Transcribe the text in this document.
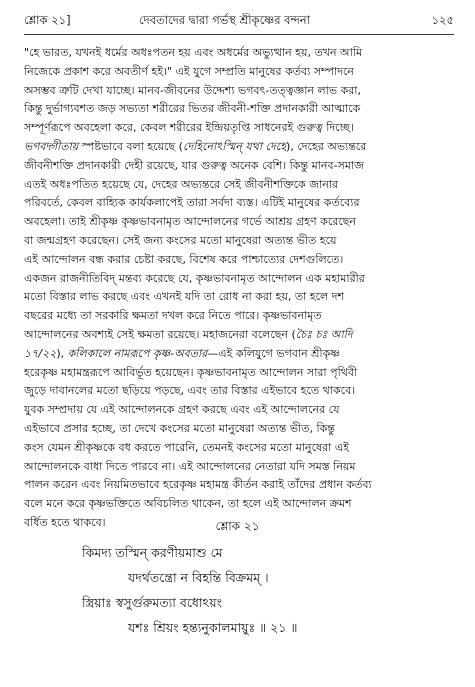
শ্লোক ২১]	দেবতাদের দ্বারা গর্ভস্থ শ্রীকৃষ্ণের বন্দনা	১২৫
"হে ভারত, যখনই ধর্মের অধঃপতন হয় এবং অধর্মের অভ্যুত্থান হয়, তখন আমি
নিজেকে প্রকাশ করে অবতীর্ণ হই।" এই যুগে সম্প্রতি মানুষের কর্তব্য সম্পাদনে
অসম্ভব ত্রুটি দেখা যাচ্ছে। মানব-জীবনের উদ্দেশ্য ভগবৎ-তত্ত্বজ্ঞান লাভ করা,
কিন্তু দুর্ভাগ্যবশত জড় সভ্যতা শরীরের ভিতর জীবনী-শক্তি প্রদানকারী আত্মাকে
সম্পূর্ণরূপে অবহেলা করে, কেবল শরীরের ইন্দ্রিয়তৃপ্তি সাধনেরই গুরুত্ব দিচ্ছে।
ভগবদ্গীতায় স্পষ্টভাবে বলা হয়েছে (দেহিনোঽস্মিন্ যথা দেহে), দেহের অভ্যন্তরে
জীবনীশক্তি প্রদানকারী দেহী রয়েছে, যার গুরুত্ব অনেক বেশি। কিন্তু মানব-সমাজ
এতই অধঃপতিত হয়েছে যে, দেহের অভ্যন্তরে সেই জীবনীশক্তিকে জানার
পরিবর্তে, কেবল বাহ্যিক কার্যকলাপেই তারা সর্বদা ব্যস্ত। এটিই মানুষের কর্তব্যের
অবহেলা। তাই শ্রীকৃষ্ণ কৃষ্ণভাবনামৃত আন্দোলনের গর্ভে আশ্রয় গ্রহণ করেছেন
বা জন্মগ্রহণ করেছেন। সেই জন্য কংসের মতো মানুষেরা অত্যন্ত ভীত হয়ে
এই আন্দোলন বন্ধ করার চেষ্টা করছে, বিশেষ করে পাশ্চাত্যের দেশগুলিতে।
একজন রাজনীতিবিদ্ মন্তব্য করেছে যে, কৃষ্ণভাবনামৃত আন্দোলন এক মহামারীর
মতো বিস্তার লাভ করছে এবং এখনই যদি তা রোধ না করা হয়, তা হলে দশ
বছরের মধ্যে তা সরকারি ক্ষমতা দখল করে নিতে পারে। কৃষ্ণভাবনামৃত
আন্দোলনের অবশ্যই সেই ক্ষমতা রয়েছে। মহাজনেরা বলেছেন (চৈঃ চঃ আদি
১৭/২২), কলিকালে নামরূপে কৃষ্ণ-অবতার—এই কলিযুগে ভগবান শ্রীকৃষ্ণ
হরেকৃষ্ণ মহামন্ত্ররূপে আবির্ভূত হয়েছেন। কৃষ্ণভাবনামৃত আন্দোলন সারা পৃথিবী
জুড়ে দাবানলের মতো ছড়িয়ে পড়ছে, এবং তার বিস্তার এইভাবে হতে থাকবে।
যুবক সম্প্রদায় যে এই আন্দোলনকে গ্রহণ করছে এবং এই আন্দোলনের যে
এইভাবে প্রসার হচ্ছে, তা দেখে কংসের মতো মানুষেরা অত্যন্ত ভীত, কিন্তু
কংস যেমন শ্রীকৃষ্ণকে বধ করতে পারেনি, তেমনই কংসের মতো মানুষেরা এই
আন্দোলনকে বাধা দিতে পারবে না। এই আন্দোলনের নেতারা যদি সমস্ত নিয়ম
পালন করেন এবং নিয়মিতভাবে হরেকৃষ্ণ মহামন্ত্র কীর্তন করাই তাঁদের প্রধান কর্তব্য
বলে মনে করে কৃষ্ণভক্তিতে অবিচলিত থাকেন, তা হলে এই আন্দোলন ক্রমশ
বর্ধিত হতে থাকবে।	শ্লোক ২১
কিমদ্য তস্মিন্ করণীয়মাশু মে
যদর্থতন্ত্রো ন বিহন্তি বিক্রমম্ ।
স্ত্রিয়াঃ স্বসুর্গুরুমত্যা বধোঽয়ং
যশঃ শ্রিয়ং হন্ত্যনুকালমায়ুঃ ॥ ২১ ॥
